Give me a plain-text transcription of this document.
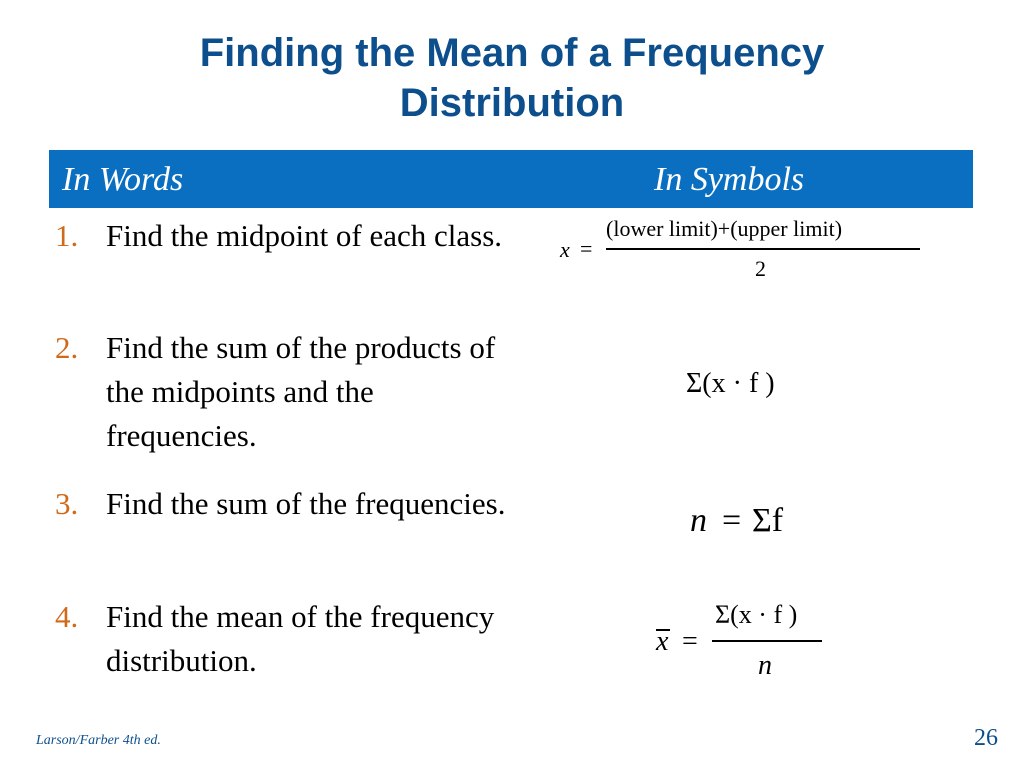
Finding the Mean of a Frequency
Distribution
In Words	In Symbols
1. Find the midpoint of each class.
2. Find the sum of the products of the midpoints and the frequencies.
3. Find the sum of the frequencies.
4. Find the mean of the frequency distribution.
x =
(lower limit)+(upper limit)
2
Σ(x · f )
n = Σf
x =
Σ(x · f )
n
Larson/Farber 4th ed.	26
